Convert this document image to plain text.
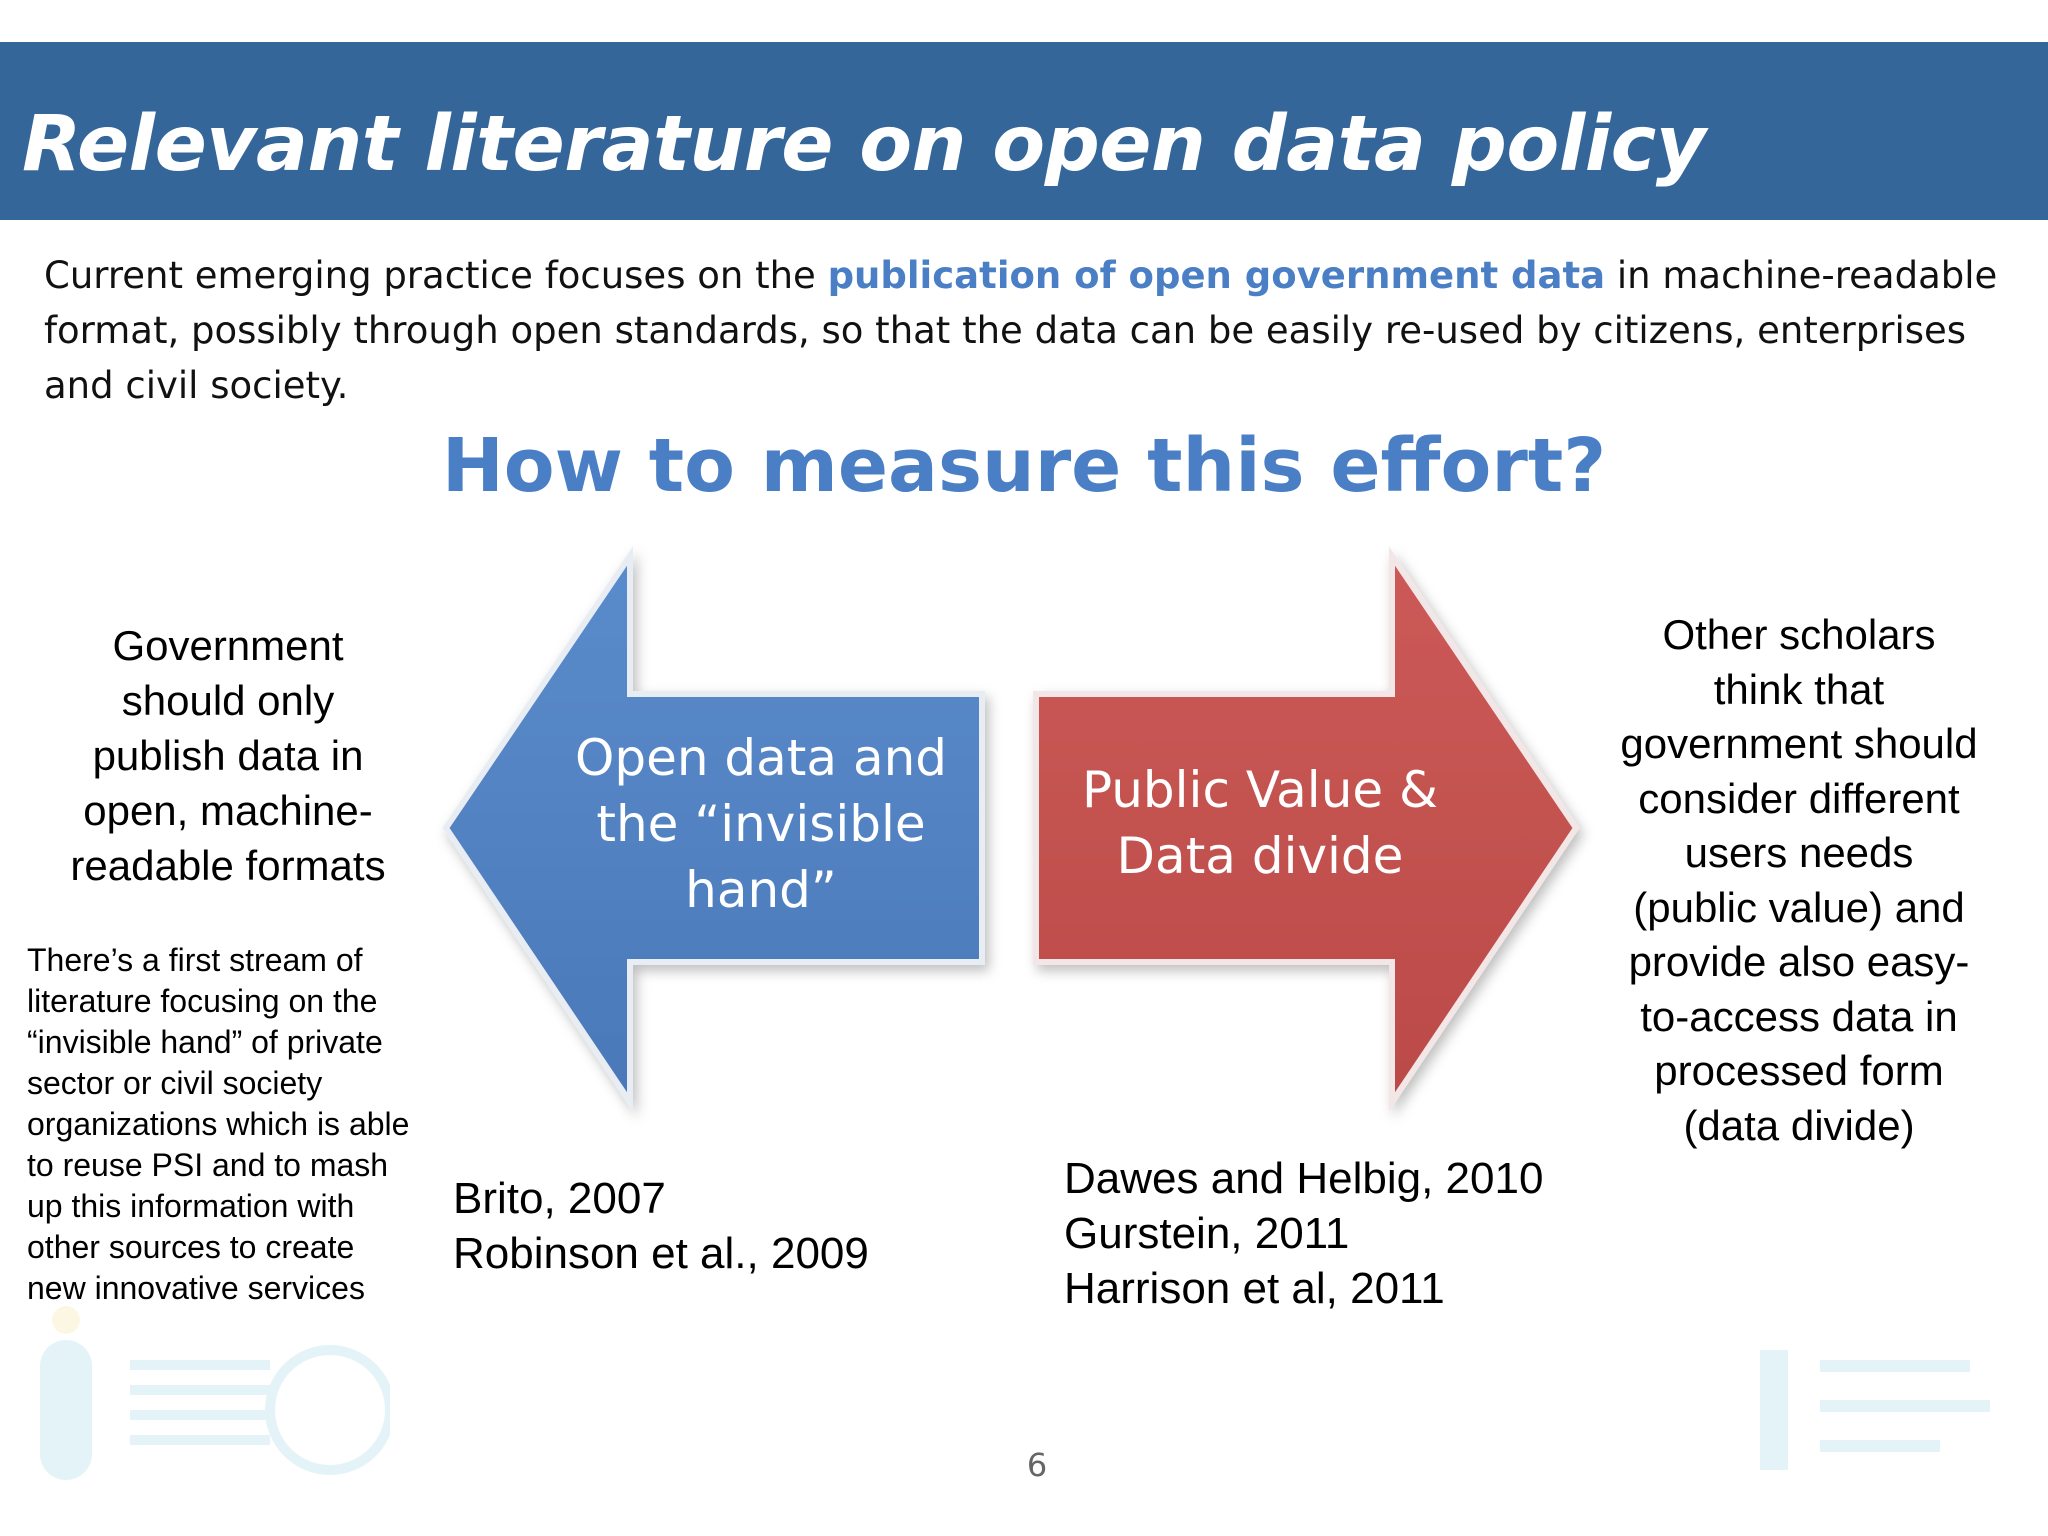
Relevant literature on open data policy
Current emerging practice focuses on the publication of open government data in machine-readable format, possibly through open standards, so that the data can be easily re-used by citizens, enterprises and civil society.
How to measure this effort?
Open data and
the “invisible
hand”
Public Value &
Data divide
Government
should only
publish data in
open, machine-
readable formats
There’s a first stream of
literature focusing on the
“invisible hand” of private
sector or civil society
organizations which is able
to reuse PSI and to mash
up this information with
other sources to create
new innovative services
Brito, 2007
Robinson et al., 2009
Other scholars
think that
government should
consider different
users needs
(public value) and
provide also easy-
to-access data in
processed form
(data divide)
Dawes and Helbig, 2010
Gurstein, 2011
Harrison et al, 2011
6
